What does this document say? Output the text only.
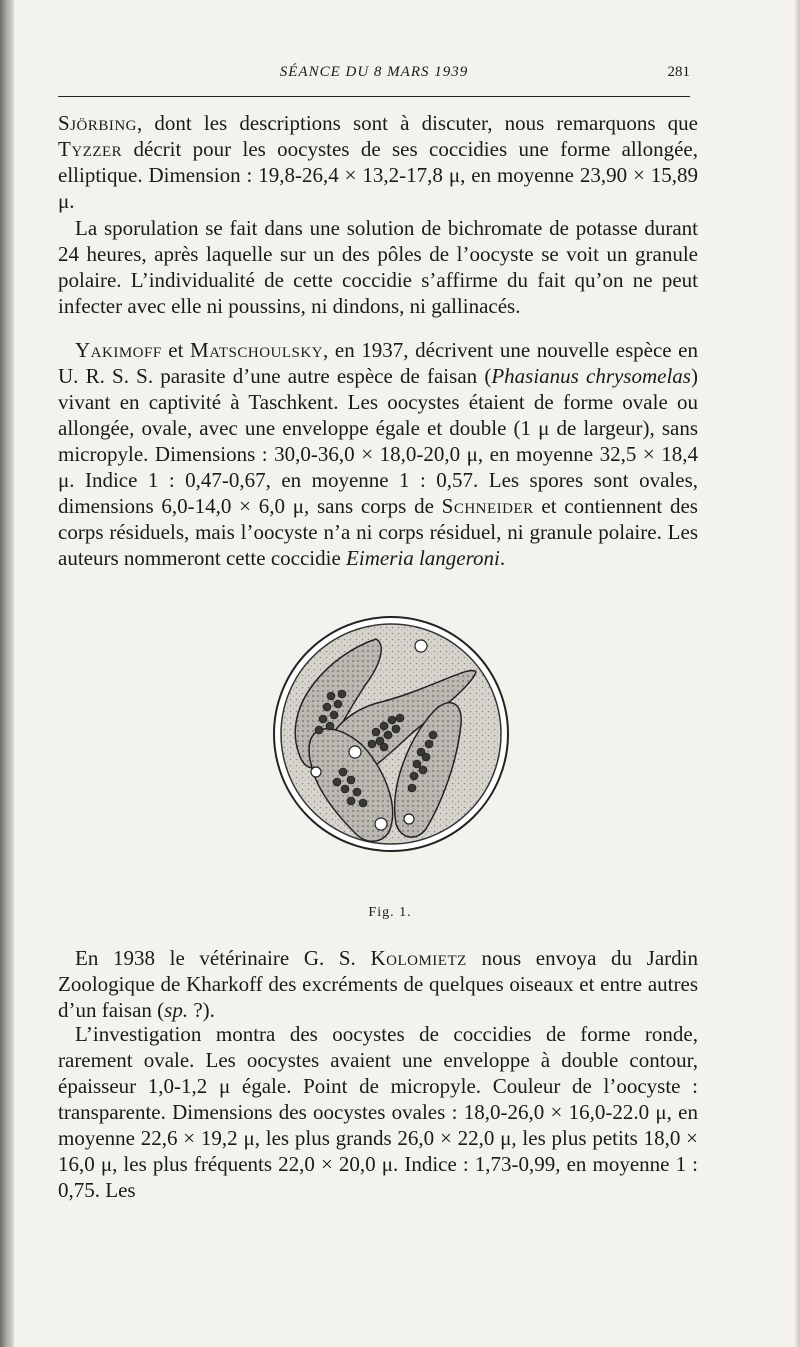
SÉANCE DU 8 MARS 1939	281

Sjörbing, dont les descriptions sont à discuter, nous remarquons que Tyzzer décrit pour les oocystes de ses coccidies une forme allongée, elliptique. Dimension : 19,8-26,4 × 13,2-17,8 μ, en moyenne 23,90 × 15,89 μ.

La sporulation se fait dans une solution de bichromate de potasse durant 24 heures, après laquelle sur un des pôles de l’oocyste se voit un granule polaire. L’individualité de cette coccidie s’affirme du fait qu’on ne peut infecter avec elle ni poussins, ni dindons, ni gallinacés.

Yakimoff et Matschoulsky, en 1937, décrivent une nouvelle espèce en U. R. S. S. parasite d’une autre espèce de faisan (Phasianus chrysomelas) vivant en captivité à Taschkent. Les oocystes étaient de forme ovale ou allongée, ovale, avec une enveloppe égale et double (1 μ de largeur), sans micropyle. Dimensions : 30,0-36,0 × 18,0-20,0 μ, en moyenne 32,5 × 18,4 μ. Indice 1 : 0,47-0,67, en moyenne 1 : 0,57. Les spores sont ovales, dimensions 6,0-14,0 × 6,0 μ, sans corps de Schneider et contiennent des corps résiduels, mais l’oocyste n’a ni corps résiduel, ni granule polaire. Les auteurs nommeront cette coccidie Eimeria langeroni.

Fig. 1.

En 1938 le vétérinaire G. S. Kolomietz nous envoya du Jardin Zoologique de Kharkoff des excréments de quelques oiseaux et entre autres d’un faisan (sp. ?).

L’investigation montra des oocystes de coccidies de forme ronde, rarement ovale. Les oocystes avaient une enveloppe à double contour, épaisseur 1,0-1,2 μ égale. Point de micropyle. Couleur de l’oocyste : transparente. Dimensions des oocystes ovales : 18,0-26,0 × 16,0-22.0 μ, en moyenne 22,6 × 19,2 μ, les plus grands 26,0 × 22,0 μ, les plus petits 18,0 × 16,0 μ, les plus fréquents 22,0 × 20,0 μ. Indice : 1,73-0,99, en moyenne 1 : 0,75. Les
